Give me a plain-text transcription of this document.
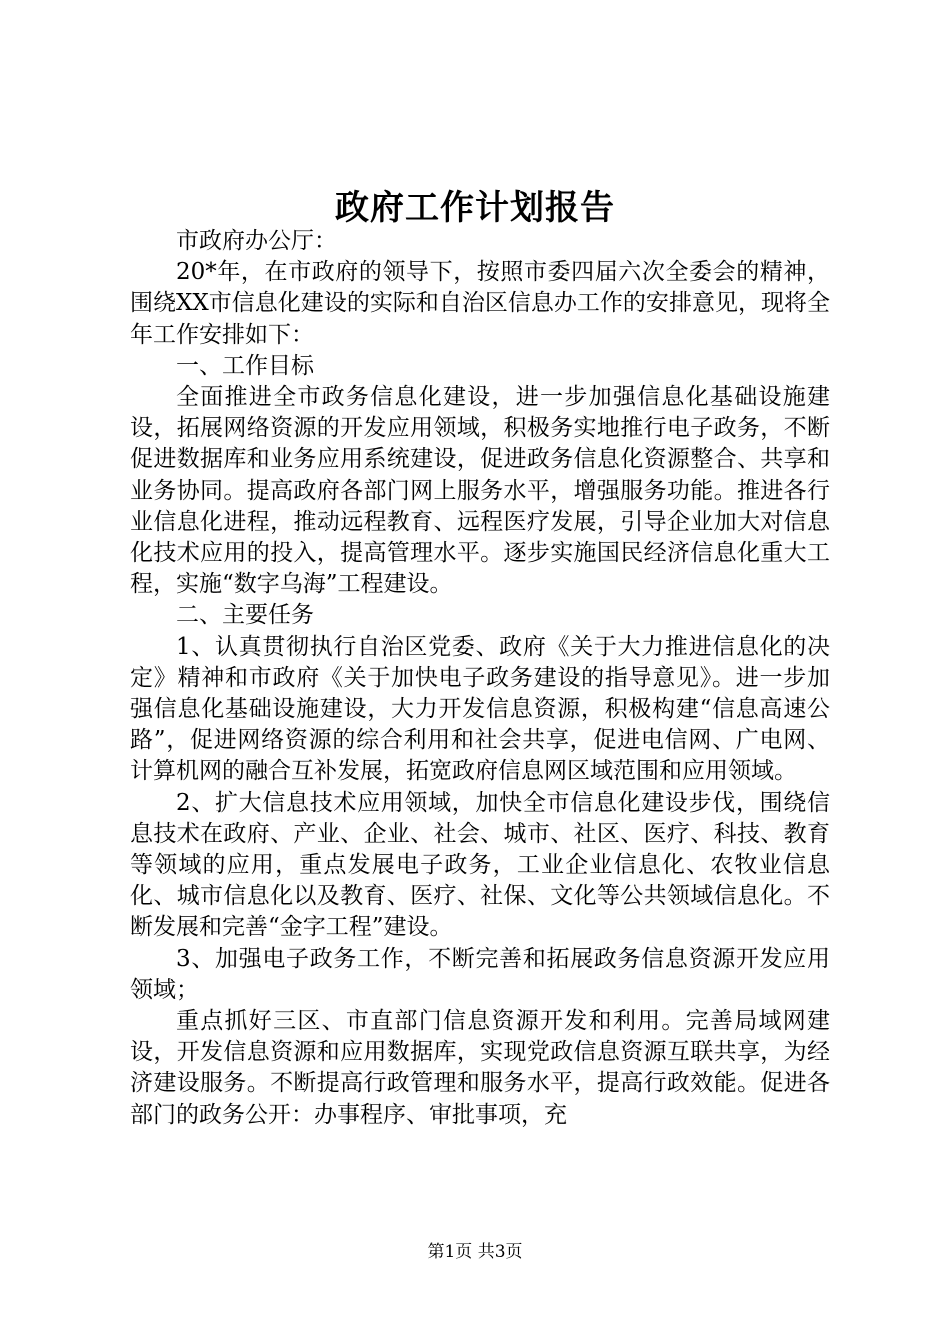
政府工作计划报告

市政府办公厅：

20*年，在市政府的领导下，按照市委四届六次全委会的精神，围绕XX市信息化建设的实际和自治区信息办工作的安排意见，现将全年工作安排如下：

一、工作目标

全面推进全市政务信息化建设，进一步加强信息化基础设施建设，拓展网络资源的开发应用领域，积极务实地推行电子政务，不断促进数据库和业务应用系统建设，促进政务信息化资源整合、共享和业务协同。提高政府各部门网上服务水平，增强服务功能。推进各行业信息化进程，推动远程教育、远程医疗发展，引导企业加大对信息化技术应用的投入，提高管理水平。逐步实施国民经济信息化重大工程，实施“数字乌海”工程建设。

二、主要任务

1、认真贯彻执行自治区党委、政府《关于大力推进信息化的决定》精神和市政府《关于加快电子政务建设的指导意见》。进一步加强信息化基础设施建设，大力开发信息资源，积极构建“信息高速公路”，促进网络资源的综合利用和社会共享，促进电信网、广电网、计算机网的融合互补发展，拓宽政府信息网区域范围和应用领域。

2、扩大信息技术应用领域，加快全市信息化建设步伐，围绕信息技术在政府、产业、企业、社会、城市、社区、医疗、科技、教育等领域的应用，重点发展电子政务，工业企业信息化、农牧业信息化、城市信息化以及教育、医疗、社保、文化等公共领域信息化。不断发展和完善“金字工程”建设。

3、加强电子政务工作，不断完善和拓展政务信息资源开发应用领域；

重点抓好三区、市直部门信息资源开发和利用。完善局域网建设，开发信息资源和应用数据库，实现党政信息资源互联共享，为经济建设服务。不断提高行政管理和服务水平，提高行政效能。促进各部门的政务公开：办事程序、审批事项，充

第1页 共3页
